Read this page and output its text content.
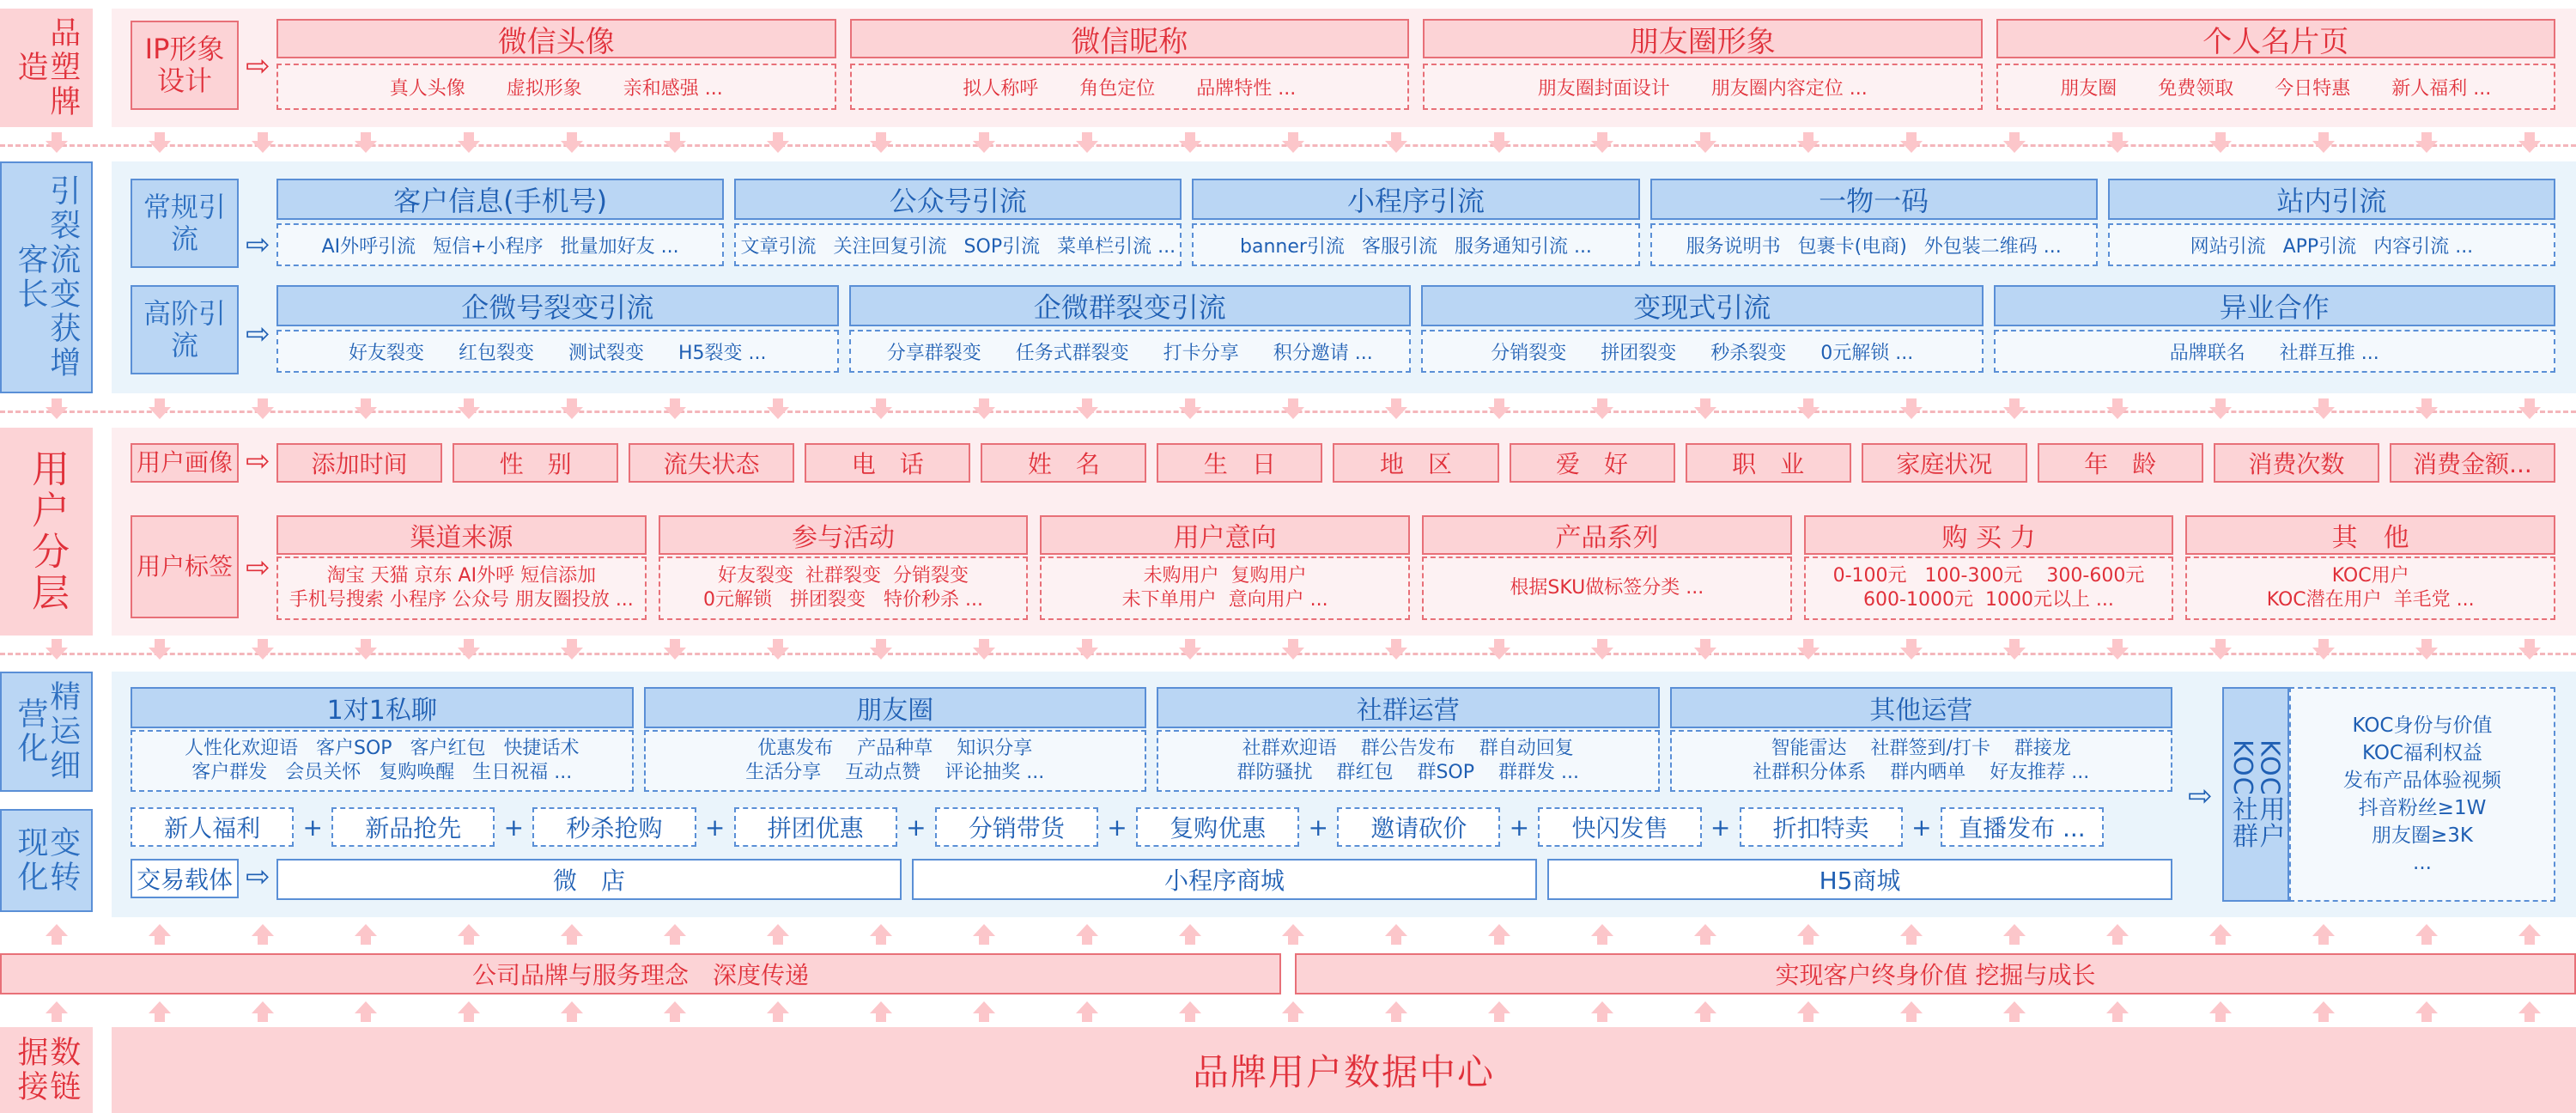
品塑牌造
引裂流变获增客长
用户分层
精运细营化
变转现化
数链据接
IP形象设计	⇨
微信头像
真人头像 虚拟形象 亲和感强 ...
微信昵称
拟人称呼 角色定位 品牌特性 ...
朋友圈形象
朋友圈封面设计 朋友圈内容定位 ...
个人名片页
朋友圈 免费领取 今日特惠 新人福利 ...
常规引流	⇨
客户信息(手机号)
AI外呼引流 短信+小程序 批量加好友 ...
公众号引流
文章引流 关注回复引流 SOP引流 菜单栏引流 ...
小程序引流
banner引流 客服引流 服务通知引流 ...
一物一码
服务说明书 包裹卡(电商) 外包装二维码 ...
站内引流
网站引流 APP引流 内容引流 ...
高阶引流	⇨
企微号裂变引流
好友裂变 红包裂变 测试裂变 H5裂变 ...
企微群裂变引流
分享群裂变 任务式群裂变 打卡分享 积分邀请 ...
变现式引流
分销裂变 拼团裂变 秒杀裂变 0元解锁 ...
异业合作
品牌联名 社群互推 ...
用户画像 ⇨	添加时间	性　别	流失状态	电　话	姓　名	生　日	地　区	爱　好	职　业	家庭状况	年　龄	消费次数	消费金额...
用户标签 ⇨
渠道来源
淘宝 天猫 京东 AI外呼 短信添加
手机号搜索 小程序 公众号 朋友圈投放 ...
参与活动
好友裂变  社群裂变  分销裂变
0元解锁   拼团裂变   特价秒杀 ...
用户意向
未购用户  复购用户
未下单用户  意向用户 ...
产品系列
根据SKU做标签分类 ...
购 买 力
0-100元   100-300元    300-600元
600-1000元  1000元以上 ...
其　他
KOC用户
KOC潜在用户  羊毛党 ...
1对1私聊
人性化欢迎语   客户SOP   客户红包   快捷话术
客户群发   会员关怀   复购唤醒   生日祝福 ...
朋友圈
优惠发布    产品种草    知识分享
生活分享    互动点赞    评论抽奖 ...
社群运营
社群欢迎语    群公告发布    群自动回复
群防骚扰    群红包    群SOP    群群发 ...
其他运营
智能雷达    社群签到/打卡    群接龙
社群积分体系    群内晒单    好友推荐 ...
新人福利	+	新品抢先	+	秒杀抢购	+	拼团优惠	+	分销带货	+	复购优惠	+	邀请砍价	+	快闪发售	+	折扣特卖	+	直播发布 ...
交易载体 ⇨	微　店	小程序商城	H5商城
⇨	KOC用户
KOC社群
KOC身份与价值
KOC福利权益
发布产品体验视频
抖音粉丝≥1W
朋友圈≥3K
...
公司品牌与服务理念　深度传递	实现客户终身价值 挖掘与成长
品牌用户数据中心
